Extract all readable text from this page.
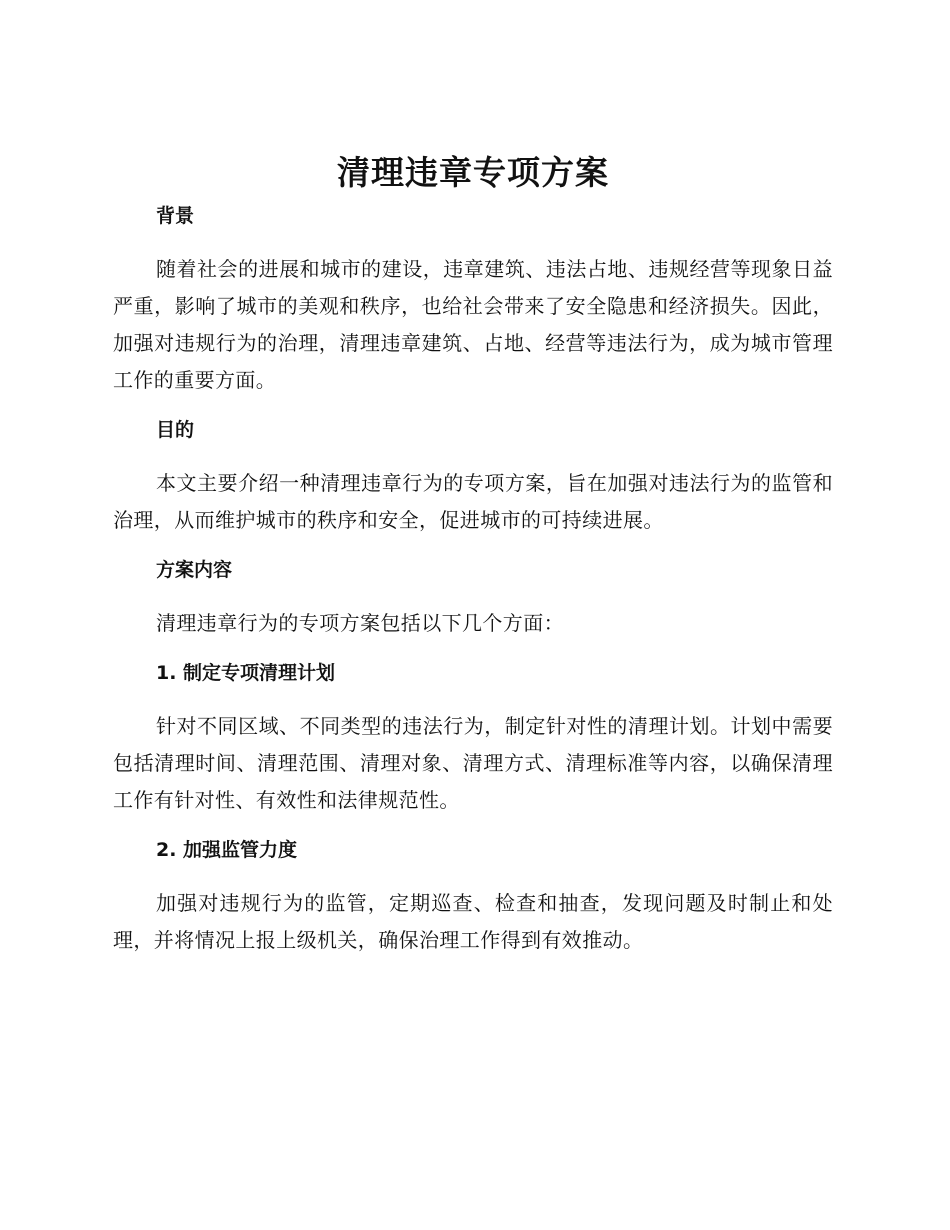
清理违章专项方案
背景

随着社会的进展和城市的建设，违章建筑、违法占地、违规经营等现象日益严重，影响了城市的美观和秩序，也给社会带来了安全隐患和经济损失。因此，加强对违规行为的治理，清理违章建筑、占地、经营等违法行为，成为城市管理工作的重要方面。

目的

本文主要介绍一种清理违章行为的专项方案，旨在加强对违法行为的监管和治理，从而维护城市的秩序和安全，促进城市的可持续进展。

方案内容

清理违章行为的专项方案包括以下几个方面：

1. 制定专项清理计划

针对不同区域、不同类型的违法行为，制定针对性的清理计划。计划中需要包括清理时间、清理范围、清理对象、清理方式、清理标准等内容，以确保清理工作有针对性、有效性和法律规范性。

2. 加强监管力度

加强对违规行为的监管，定期巡查、检查和抽查，发现问题及时制止和处理，并将情况上报上级机关，确保治理工作得到有效推动。
